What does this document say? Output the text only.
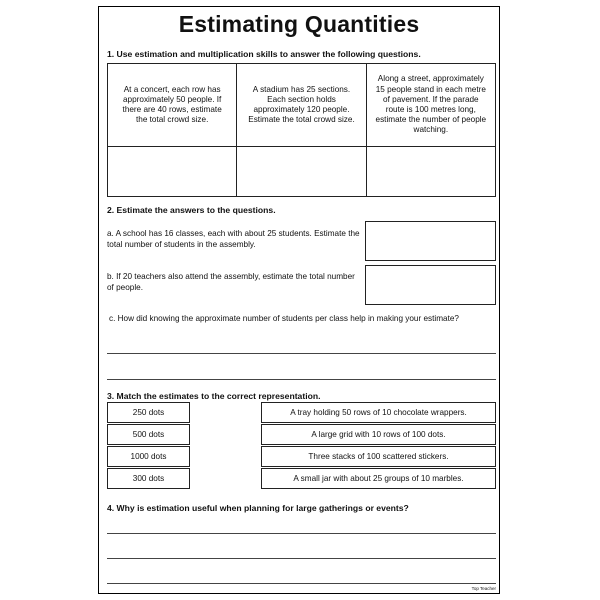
Estimating Quantities
1. Use estimation and multiplication skills to answer the following questions.
At a concert, each row has approximately 50 people. If there are 40 rows, estimate the total crowd size.	A stadium has 25 sections. Each section holds approximately 120 people. Estimate the total crowd size.	Along a street, approximately 15 people stand in each metre of pavement. If the parade route is 100 metres long, estimate the number of people watching.

2. Estimate the answers to the questions.
a. A school has 16 classes, each with about 25 students. Estimate the total number of students in the assembly.
b. If 20 teachers also attend the assembly, estimate the total number of people.
c. How did knowing the approximate number of students per class help in making your estimate?
3. Match the estimates to the correct representation.
250 dots
500 dots
1000 dots
300 dots
A tray holding 50 rows of 10 chocolate wrappers.
A large grid with 10 rows of 100 dots.
Three stacks of 100 scattered stickers.
A small jar with about 25 groups of 10 marbles.
4. Why is estimation useful when planning for large gatherings or events?
Top Teacher
